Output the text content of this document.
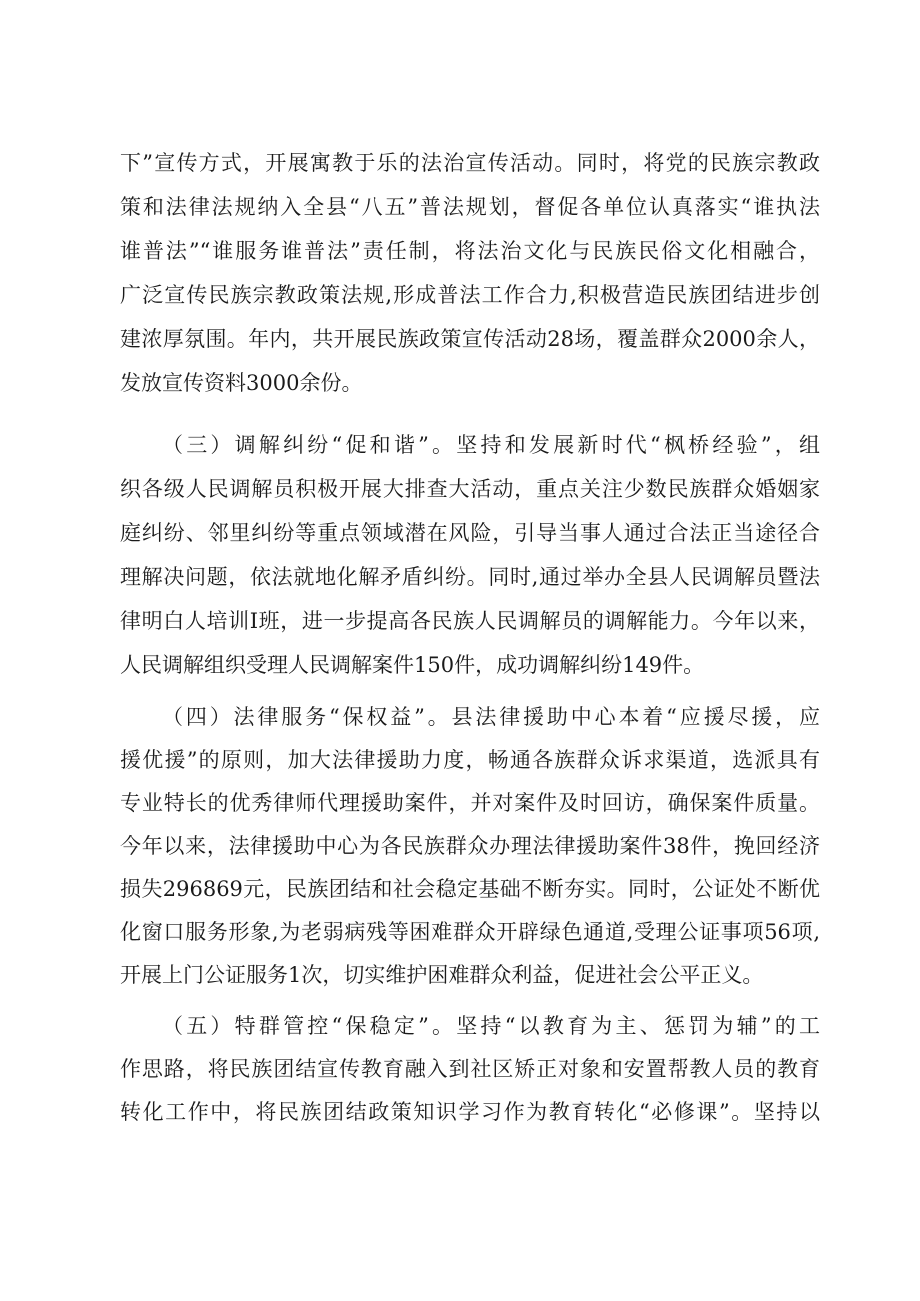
下”宣传方式，开展寓教于乐的法治宣传活动。同时，将党的民族宗教政
策和法律法规纳入全县“八五”普法规划，督促各单位认真落实“谁执法
谁普法”“谁服务谁普法”责任制，将法治文化与民族民俗文化相融合，
广泛宣传民族宗教政策法规,形成普法工作合力,积极营造民族团结进步创
建浓厚氛围。年内，共开展民族政策宣传活动28场，覆盖群众2000余人，
发放宣传资料3000余份。
（三）调解纠纷“促和谐”。坚持和发展新时代“枫桥经验”，组
织各级人民调解员积极开展大排查大活动，重点关注少数民族群众婚姻家
庭纠纷、邻里纠纷等重点领域潜在风险，引导当事人通过合法正当途径合
理解决问题，依法就地化解矛盾纠纷。同时,通过举办全县人民调解员暨法
律明白人培训I班，进一步提高各民族人民调解员的调解能力。今年以来，
人民调解组织受理人民调解案件150件，成功调解纠纷149件。
（四）法律服务“保权益”。县法律援助中心本着“应援尽援，应
援优援”的原则，加大法律援助力度，畅通各族群众诉求渠道，选派具有
专业特长的优秀律师代理援助案件，并对案件及时回访，确保案件质量。
今年以来，法律援助中心为各民族群众办理法律援助案件38件，挽回经济
损失296869元，民族团结和社会稳定基础不断夯实。同时，公证处不断优
化窗口服务形象,为老弱病残等困难群众开辟绿色通道,受理公证事项56项,
开展上门公证服务1次，切实维护困难群众利益，促进社会公平正义。
（五）特群管控“保稳定”。坚持“以教育为主、惩罚为辅”的工
作思路，将民族团结宣传教育融入到社区矫正对象和安置帮教人员的教育
转化工作中，将民族团结政策知识学习作为教育转化“必修课”。坚持以
